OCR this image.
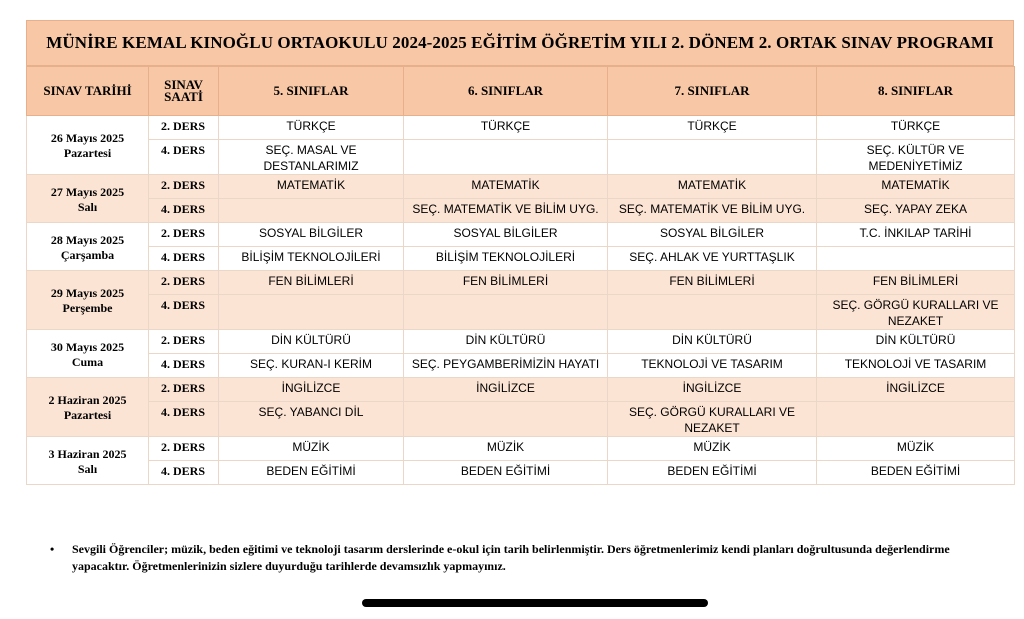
MÜNİRE KEMAL KINOĞLU ORTAOKULU 2024-2025 EĞİTİM ÖĞRETİM YILI 2. DÖNEM 2. ORTAK SINAV PROGRAMI
SINAV TARİHİ	SINAV SAATİ	5. SINIFLAR	6. SINIFLAR	7. SINIFLAR	8. SINIFLAR

26 Mayıs 2025
Pazartesi	2. DERS	TÜRKÇE	TÜRKÇE	TÜRKÇE	TÜRKÇE
	4. DERS	SEÇ. MASAL VE DESTANLARIMIZ			SEÇ. KÜLTÜR VE MEDENİYETİMİZ

27 Mayıs 2025
Salı	2. DERS	MATEMATİK	MATEMATİK	MATEMATİK	MATEMATİK
	4. DERS		SEÇ. MATEMATİK VE BİLİM UYG.	SEÇ. MATEMATİK VE BİLİM UYG.	SEÇ. YAPAY ZEKA

28 Mayıs 2025
Çarşamba	2. DERS	SOSYAL BİLGİLER	SOSYAL BİLGİLER	SOSYAL BİLGİLER	T.C. İNKILAP TARİHİ
	4. DERS	BİLİŞİM TEKNOLOJİLERİ	BİLİŞİM TEKNOLOJİLERİ	SEÇ. AHLAK VE YURTTAŞLIK	

29 Mayıs 2025
Perşembe	2. DERS	FEN BİLİMLERİ	FEN BİLİMLERİ	FEN BİLİMLERİ	FEN BİLİMLERİ
	4. DERS				SEÇ. GÖRGÜ KURALLARI VE NEZAKET

30 Mayıs 2025
Cuma	2. DERS	DİN KÜLTÜRÜ	DİN KÜLTÜRÜ	DİN KÜLTÜRÜ	DİN KÜLTÜRÜ
	4. DERS	SEÇ. KURAN-I KERİM	SEÇ. PEYGAMBERİMİZİN HAYATI	TEKNOLOJİ VE TASARIM	TEKNOLOJİ VE TASARIM

2 Haziran 2025
Pazartesi	2. DERS	İNGİLİZCE	İNGİLİZCE	İNGİLİZCE	İNGİLİZCE
	4. DERS	SEÇ. YABANCI DİL		SEÇ. GÖRGÜ KURALLARI VE NEZAKET	

3 Haziran 2025
Salı	2. DERS	MÜZİK	MÜZİK	MÜZİK	MÜZİK
	4. DERS	BEDEN EĞİTİMİ	BEDEN EĞİTİMİ	BEDEN EĞİTİMİ	BEDEN EĞİTİMİ
•	Sevgili Öğrenciler; müzik, beden eğitimi ve teknoloji tasarım derslerinde e-okul için tarih belirlenmiştir. Ders öğretmenlerimiz kendi planları doğrultusunda değerlendirme yapacaktır. Öğretmenlerinizin sizlere duyurduğu tarihlerde devamsızlık yapmayınız.
